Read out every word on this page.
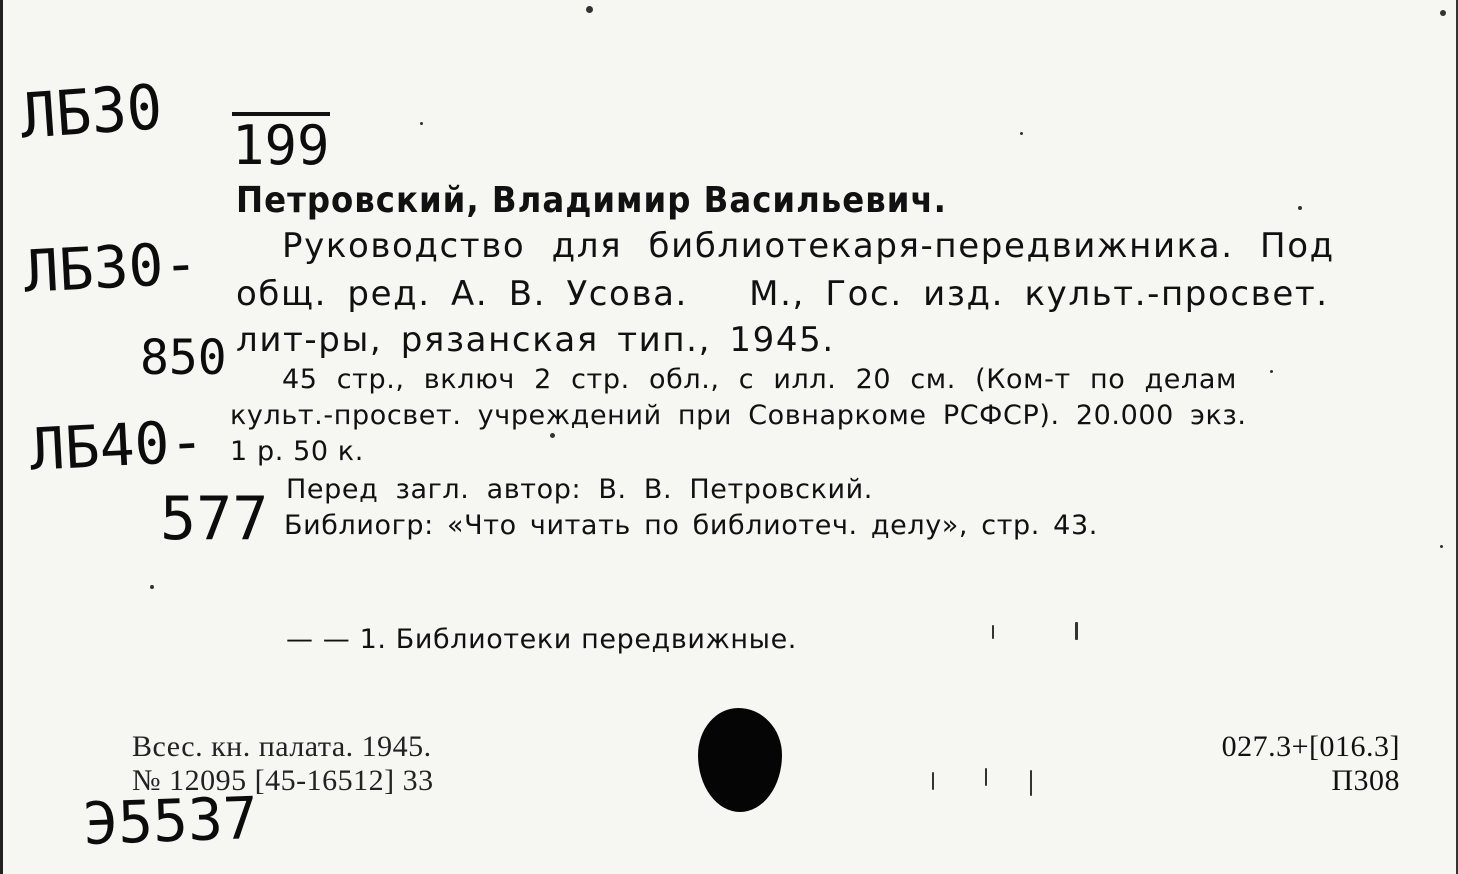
ЛБ30 199
ЛБ30-
850
ЛБ40-
577
Э5537
Петровский, Владимир Васильевич.
Руководство для библиотекаря-передвижника. Под
общ. ред. А. В. Усова.   М., Гос. изд. культ.-просвет.
лит-ры, рязанская тип., 1945.
45 стр., включ 2 стр. обл., с илл. 20 см. (Ком-т по делам
культ.-просвет. учреждений при Совнаркоме РСФСР). 20.000 экз.
1 р. 50 к.
Перед загл. автор: В. В. Петровский.
Библиогр: «Что читать по библиотеч. делу», стр. 43.
— — 1. Библиотеки передвижные.
Всес. кн. палата. 1945.
№ 12095 [45-16512] 33
027.3+[016.3]
П308
